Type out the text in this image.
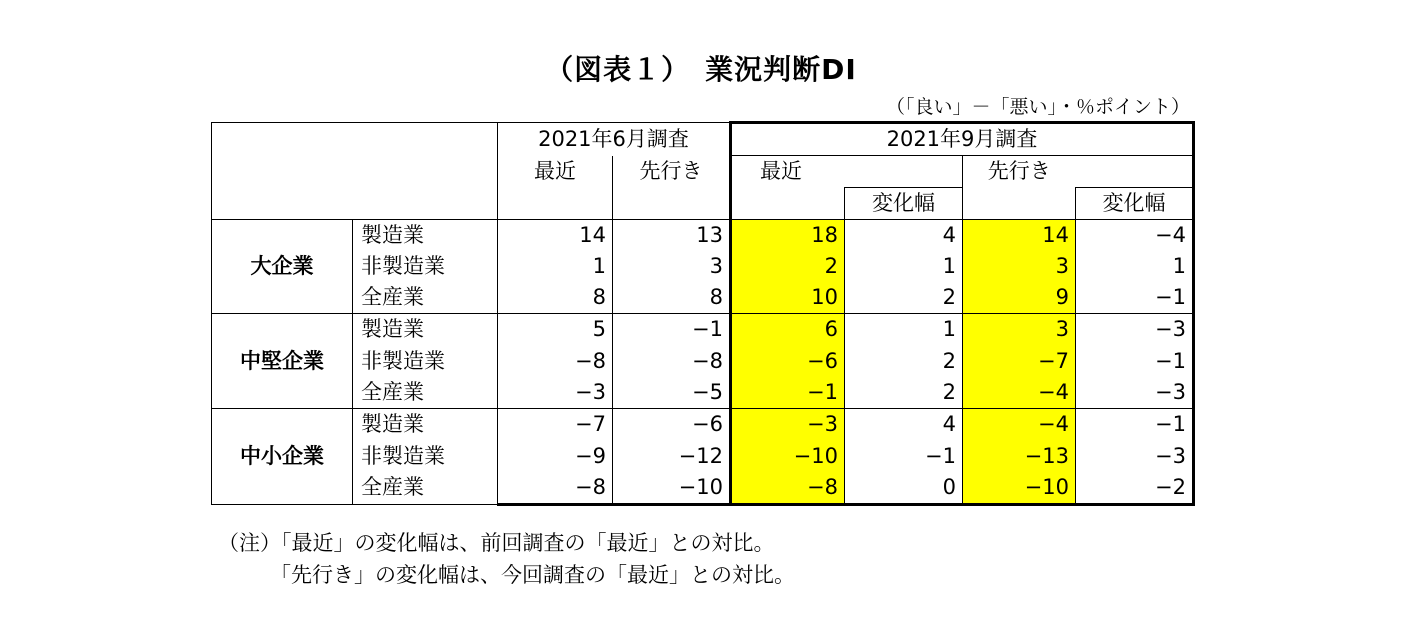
（図表１）　業況判断DI
（「良い」－「悪い」・％ポイント）
		2021年6月調査		2021年9月調査			
		最近	先行き	最近		先行き	
					変化幅		変化幅
大企業	製造業	14	13	18	4	14	−4
	非製造業	1	3	2	1	3	1
	全産業	8	8	10	2	9	−1
中堅企業	製造業	5	−1	6	1	3	−3
	非製造業	−8	−8	−6	2	−7	−1
	全産業	−3	−5	−1	2	−4	−3
中小企業	製造業	−7	−6	−3	4	−4	−1
	非製造業	−9	−12	−10	−1	−13	−3
	全産業	−8	−10	−8	0	−10	−2
（注）「最近」の変化幅は、前回調査の「最近」との対比。
「先行き」の変化幅は、今回調査の「最近」との対比。
